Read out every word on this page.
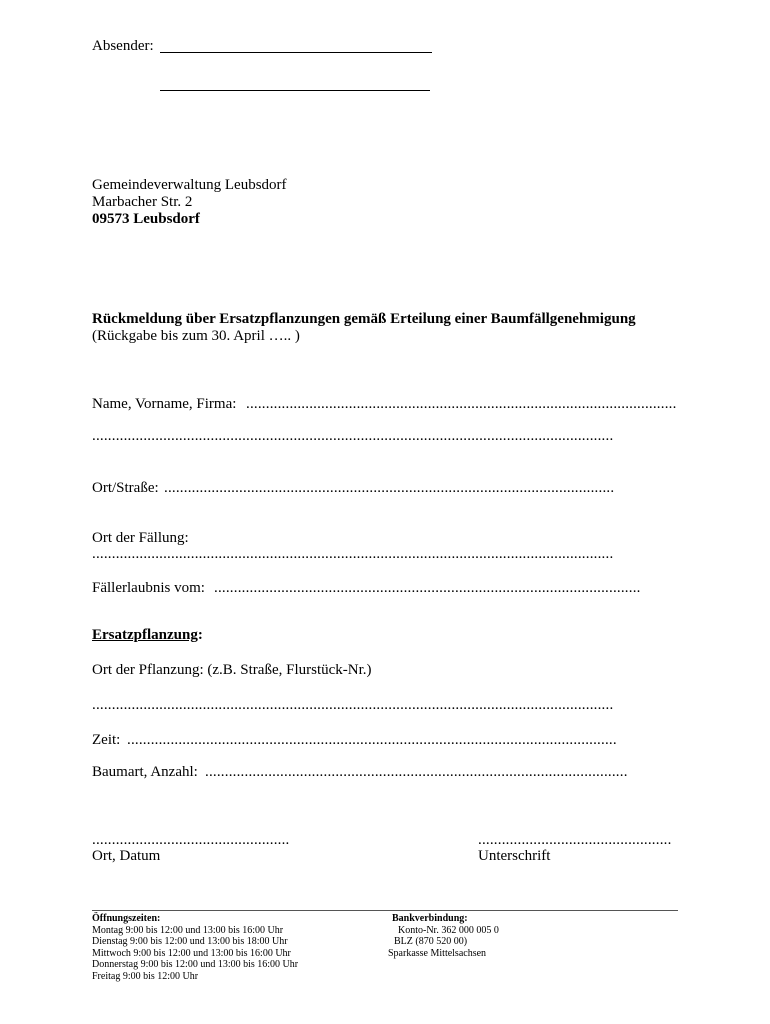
Absender:
Gemeindeverwaltung Leubsdorf
Marbacher Str. 2
09573 Leubsdorf
Rückmeldung über Ersatzpflanzungen gemäß Erteilung einer Baumfällgenehmigung
(Rückgabe bis zum 30. April ….. )
Name, Vorname, Firma: .............................................................................................................
....................................................................................................................................
Ort/Straße: ..................................................................................................................
Ort der Fällung:
....................................................................................................................................
Fällerlaubnis vom: ............................................................................................................
Ersatzpflanzung:
Ort der Pflanzung: (z.B. Straße, Flurstück-Nr.)
....................................................................................................................................
Zeit: ............................................................................................................................
Baumart, Anzahl: ...........................................................................................................
..................................................
Ort, Datum
.................................................
Unterschrift
Öffnungszeiten:
Montag 9:00 bis 12:00 und 13:00 bis 16:00 Uhr
Dienstag 9:00 bis 12:00 und 13:00 bis 18:00 Uhr
Mittwoch 9:00 bis 12:00 und 13:00 bis 16:00 Uhr
Donnerstag 9:00 bis 12:00 und 13:00 bis 16:00 Uhr
Freitag 9:00 bis 12:00 Uhr
Bankverbindung:
Konto-Nr. 362 000 005 0
BLZ (870 520 00)
Sparkasse Mittelsachsen
